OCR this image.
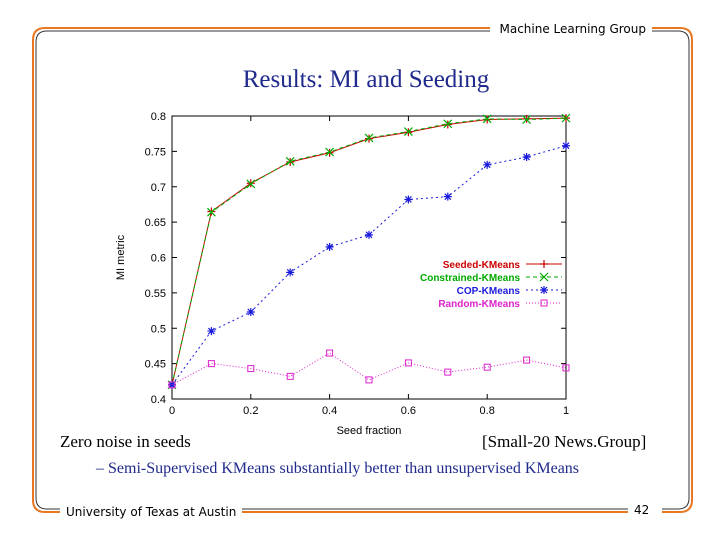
Machine Learning Group
Results: MI and Seeding
0.4
0.45
0.5
0.55
0.6
0.65
0.7
0.75
0.8
0	0.2	0.4	0.6	0.8	1
Seed fraction
MI metric	Seeded-KMeans
Constrained-KMeans
COP-KMeans
Random-KMeans
Zero noise in seeds	[Small-20 News.Group]
– Semi-Supervised KMeans substantially better than unsupervised KMeans
University of Texas at Austin	42
